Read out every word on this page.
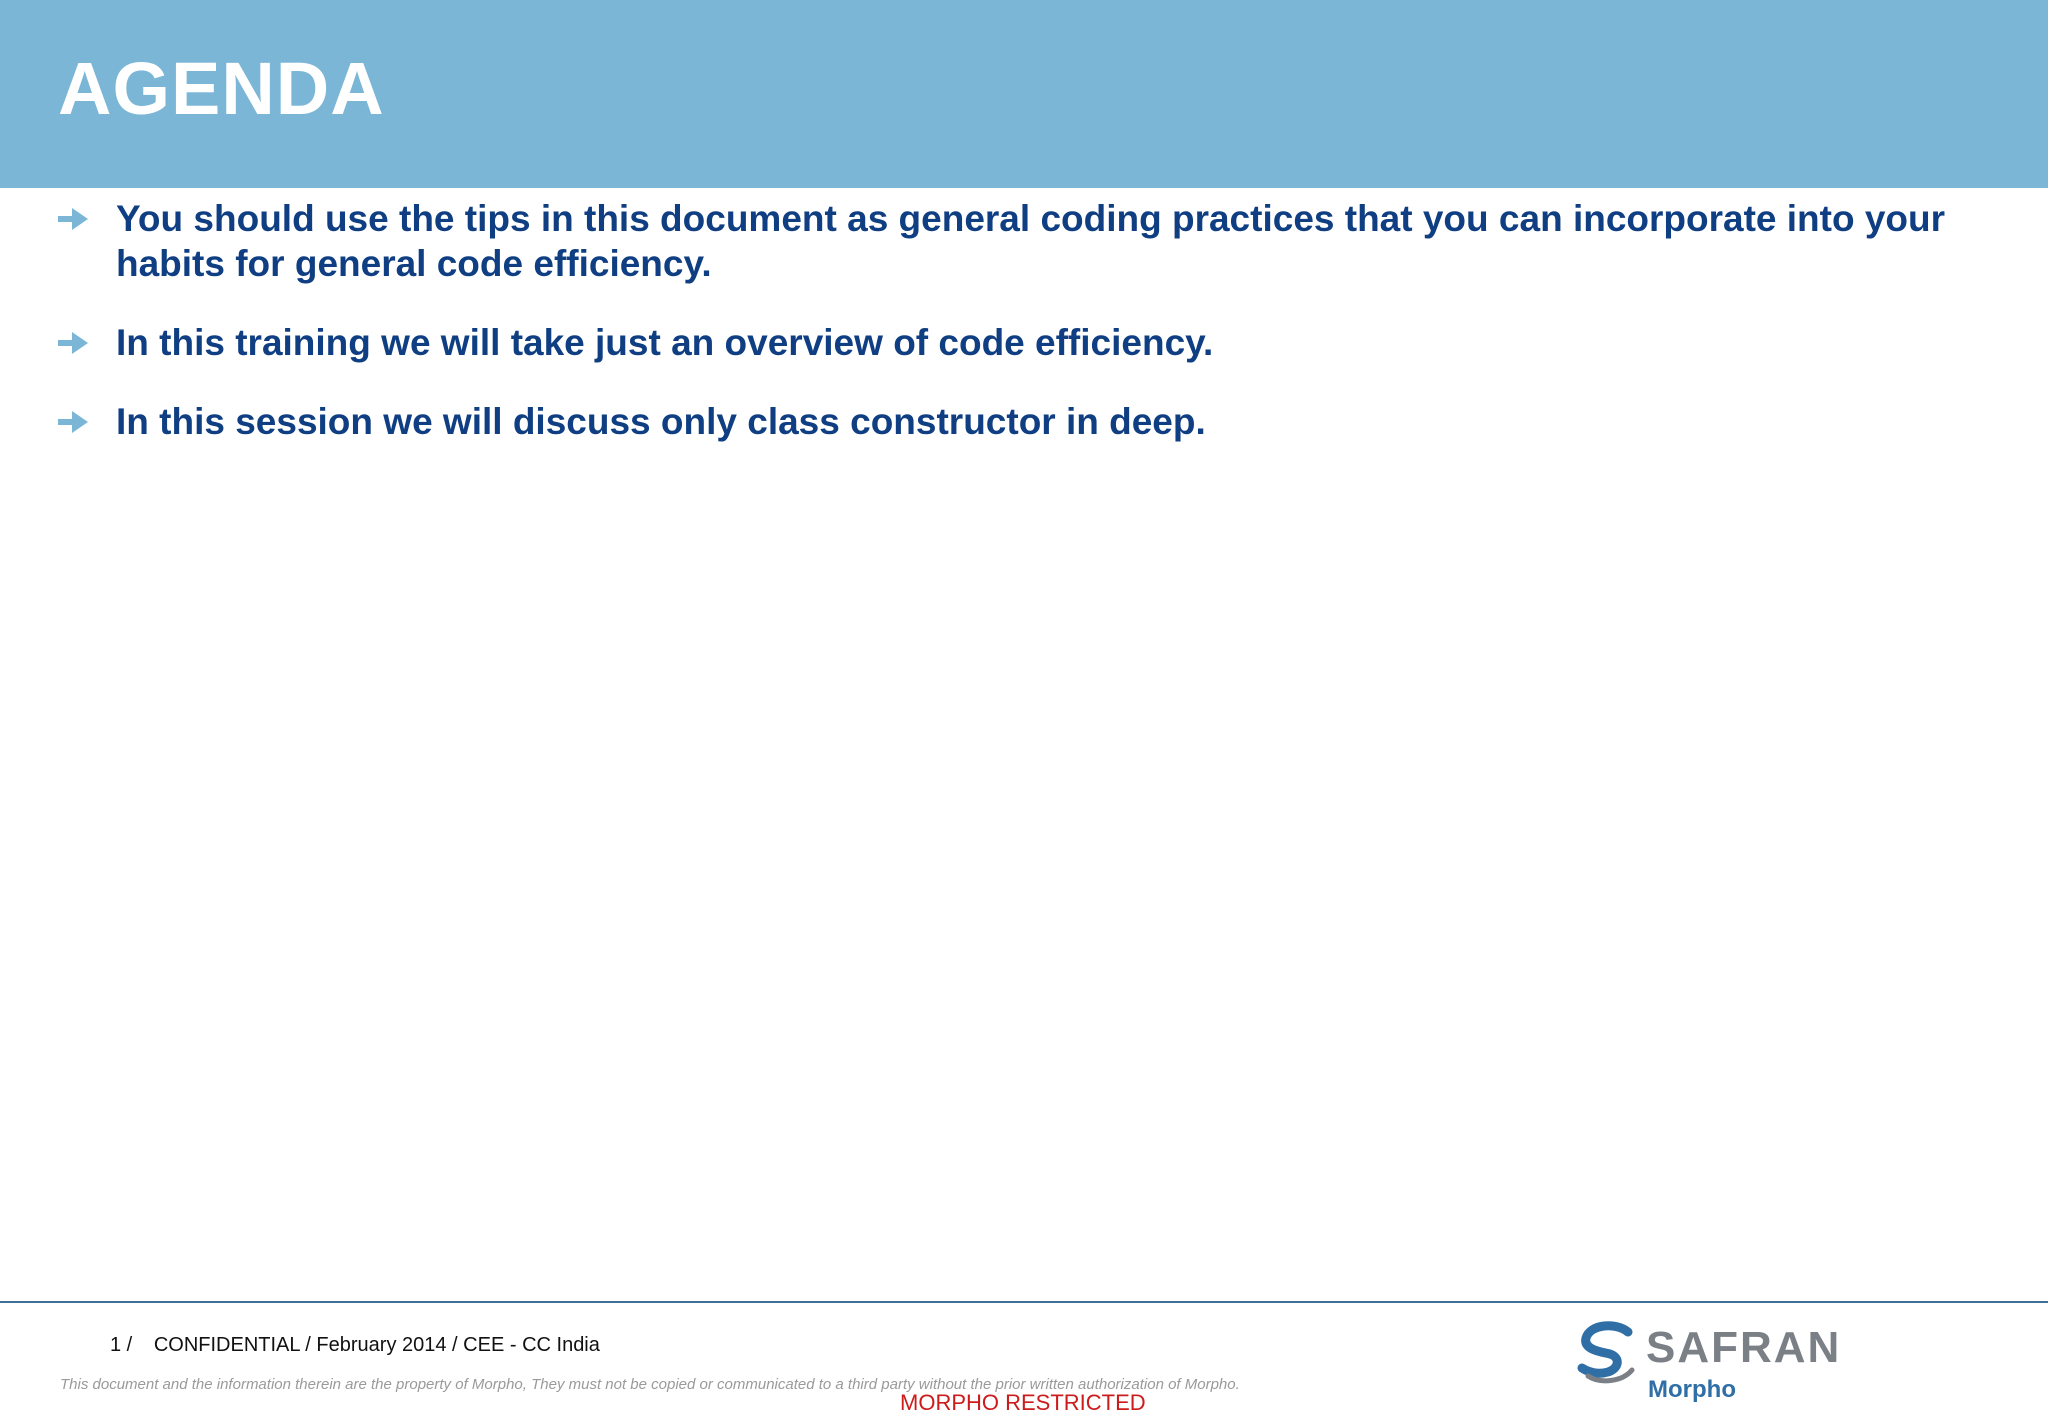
AGENDA
You should use the tips in this document as general coding practices that you can incorporate into your habits for general code efficiency.
In this training we will take just an overview of code efficiency.
In this session we will discuss only class constructor in deep.
1 / CONFIDENTIAL / February 2014 / CEE - CC India
This document and the information therein are the property of Morpho, They must not be copied or communicated to a third party without the prior written authorization of Morpho.
MORPHO RESTRICTED
SAFRAN
Morpho
